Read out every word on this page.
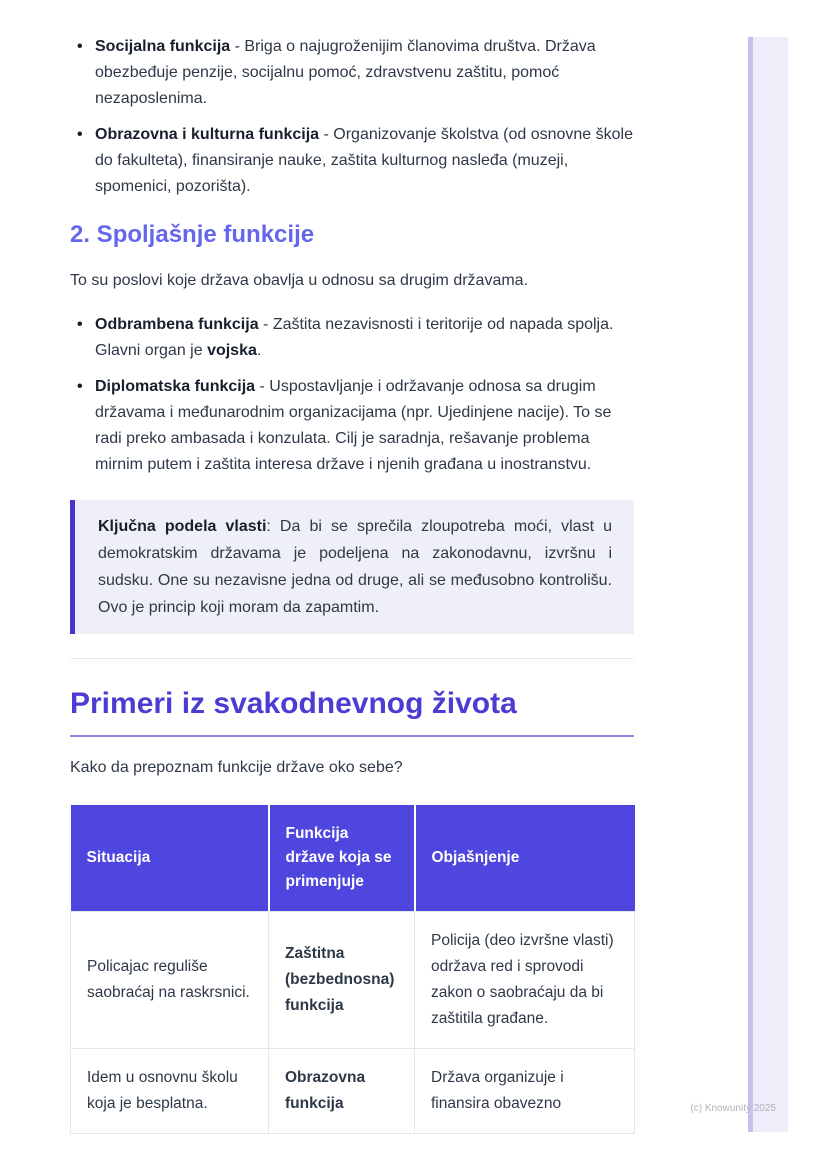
• Socijalna funkcija - Briga o najugroženijim članovima društva. Država obezbeđuje penzije, socijalnu pomoć, zdravstvenu zaštitu, pomoć nezaposlenima.
• Obrazovna i kulturna funkcija - Organizovanje školstva (od osnovne škole do fakulteta), finansiranje nauke, zaštita kulturnog nasleđa (muzeji, spomenici, pozorišta).
2. Spoljašnje funkcije

To su poslovi koje država obavlja u odnosu sa drugim državama.

• Odbrambena funkcija - Zaštita nezavisnosti i teritorije od napada spolja. Glavni organ je vojska.
• Diplomatska funkcija - Uspostavljanje i održavanje odnosa sa drugim državama i međunarodnim organizacijama (npr. Ujedinjene nacije). To se radi preko ambasada i konzulata. Cilj je saradnja, rešavanje problema mirnim putem i zaštita interesa države i njenih građana u inostranstvu.
Ključna podela vlasti: Da bi se sprečila zloupotreba moći, vlast u demokratskim državama je podeljena na zakonodavnu, izvršnu i sudsku. One su nezavisne jedna od druge, ali se međusobno kontrolišu. Ovo je princip koji moram da zapamtim.
Primeri iz svakodnevnog života

Kako da prepoznam funkcije države oko sebe?

Situacija	Funkcija države koja se primenjuje	Objašnjenje
Policajac reguliše saobraćaj na raskrsnici.	Zaštitna (bezbednosna) funkcija	Policija (deo izvršne vlasti) održava red i sprovodi zakon o saobraćaju da bi zaštitila građane.
Idem u osnovnu školu koja je besplatna.	Obrazovna funkcija	Država organizuje i finansira obavezno	(c) Knowunity 2025
